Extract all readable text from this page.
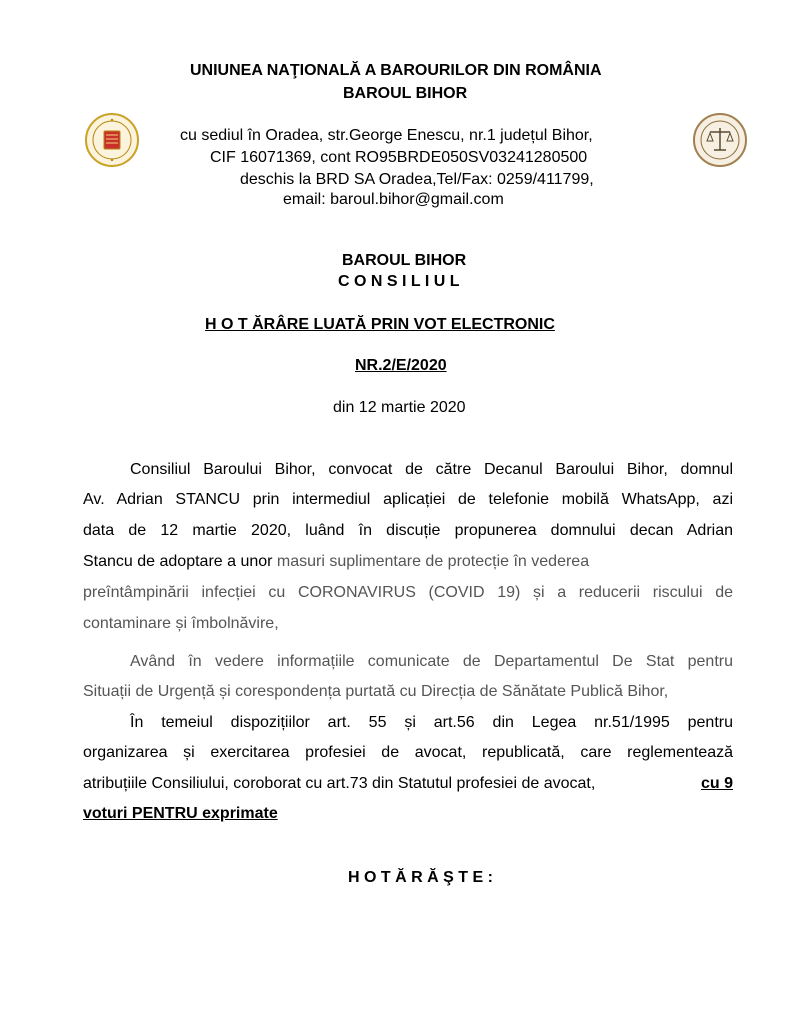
UNIUNEA NAŢIONALĂ A BAROURILOR DIN ROMÂNIA
BAROUL BIHOR
cu sediul în Oradea, str.George Enescu, nr.1 județul Bihor,
CIF 16071369, cont RO95BRDE050SV03241280500
deschis la BRD SA Oradea,Tel/Fax: 0259/411799,
email: baroul.bihor@gmail.com
BAROUL BIHOR
C O N S I L I U L
H O T ĂRÂRE LUATĂ PRIN VOT ELECTRONIC
NR.2/E/2020
din 12 martie 2020
Consiliul Baroului Bihor, convocat de către Decanul Baroului Bihor, domnul
Av. Adrian STANCU prin intermediul aplicației de telefonie mobilă WhatsApp, azi
data de 12 martie 2020, luând în discuție propunerea domnului decan Adrian
Stancu de adoptare a unor masuri suplimentare de protecție în vederea
preîntâmpinării infecției cu CORONAVIRUS (COVID 19) și a reducerii riscului de
contaminare și îmbolnăvire,
Având în vedere informațiile comunicate de Departamentul De Stat pentru
Situații de Urgență și corespondența purtată cu Direcția de Sănătate Publică Bihor,
În temeiul dispozițiilor art. 55 și art.56 din Legea nr.51/1995 pentru
organizarea și exercitarea profesiei de avocat, republicată, care reglementează
atribuțiile Consiliului, coroborat cu art.73 din Statutul profesiei de avocat,	cu 9
voturi PENTRU exprimate
H O T Ă R Ă Ş T E :
